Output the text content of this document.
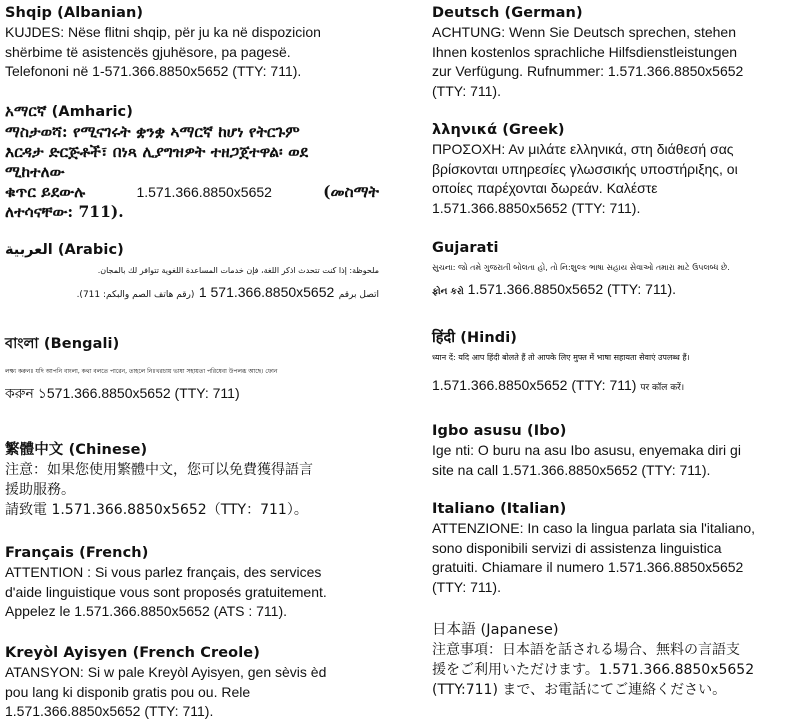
Shqip (Albanian)
KUJDES: Nëse flitni shqip, për ju ka në dispozicion
shërbime të asistencës gjuhësore, pa pagesë.
Telefononi në 1-571.366.8850x5652 (TTY: 711).
አማርኛ (Amharic)
ማስታወሻ: የሚናገሩት ቋንቋ ኣማርኛ ከሆነ የትርጉም
እርዳታ ድርጅቶች፣ በነጻ ሊያግዝዎት ተዘጋጀተዋል፡ ወደ
ሚከተለው
ቁጥር ይደውሉ	1.571.366.8850x5652	(መስማት
ለተሳናቸው: 711).
العربية (Arabic)
ملحوظة: إذا كنت تتحدث اذكر اللغة، فإن خدمات المساعدة اللغوية تتوافر لك بالمجان.
اتصل برقم 1 571.366.8850x5652 (رقم هاتف الصم والبكم: 711).
বাংলা (Bengali)
লক্ষ্য করুনঃ যদি আপনি বাংলা, কথা বলতে পারেন, তাহলে নিঃখরচায় ভাষা সহায়তা পরিষেবা উপলব্ধ আছে। ফোন
করুন ১571.366.8850x5652 (TTY: 711)
繁體中文 (Chinese)
注意：如果您使用繁體中文，您可以免費獲得語言
援助服務。
請致電 1.571.366.8850x5652（TTY：711）。
Français (French)
ATTENTION : Si vous parlez français, des services
d'aide linguistique vous sont proposés gratuitement.
Appelez le 1.571.366.8850x5652 (ATS : 711).
Kreyòl Ayisyen (French Creole)
ATANSYON: Si w pale Kreyòl Ayisyen, gen sèvis èd
pou lang ki disponib gratis pou ou. Rele
1.571.366.8850x5652 (TTY: 711).
Deutsch (German)
ACHTUNG: Wenn Sie Deutsch sprechen, stehen
Ihnen kostenlos sprachliche Hilfsdienstleistungen
zur Verfügung. Rufnummer: 1.571.366.8850x5652
(TTY: 711).
λληνικά (Greek)
ΠΡΟΣΟΧΗ: Αν μιλάτε ελληνικά, στη διάθεσή σας
βρίσκονται υπηρεσίες γλωσσικής υποστήριξης, οι
οποίες παρέχονται δωρεάν. Καλέστε
1.571.366.8850x5652 (TTY: 711).
Gujarati
સુચના: જો તમે ગુજરાતી બોલતા હો, તો નિ:શુલ્ક ભાષા સહાય સેવાઓ તમારા માટે ઉપલબ્ધ છે.
ફોન કરો 1.571.366.8850x5652 (TTY: 711).
हिंदी (Hindi)
ध्यान दें: यदि आप हिंदी बोलते हैं तो आपके लिए मुफ्त में भाषा सहायता सेवाएं उपलब्ध हैं।
1.571.366.8850x5652 (TTY: 711) पर कॉल करें।
Igbo asusu (Ibo)
Ige nti: O buru na asu Ibo asusu, enyemaka diri gi
site na call 1.571.366.8850x5652 (TTY: 711).
Italiano (Italian)
ATTENZIONE: In caso la lingua parlata sia l'italiano,
sono disponibili servizi di assistenza linguistica
gratuiti. Chiamare il numero 1.571.366.8850x5652
(TTY: 711).
日本語 (Japanese)
注意事項：日本語を話される場合、無料の言語支
援をご利用いただけます。1.571.366.8850x5652
(TTY:711) まで、お電話にてご連絡ください。
